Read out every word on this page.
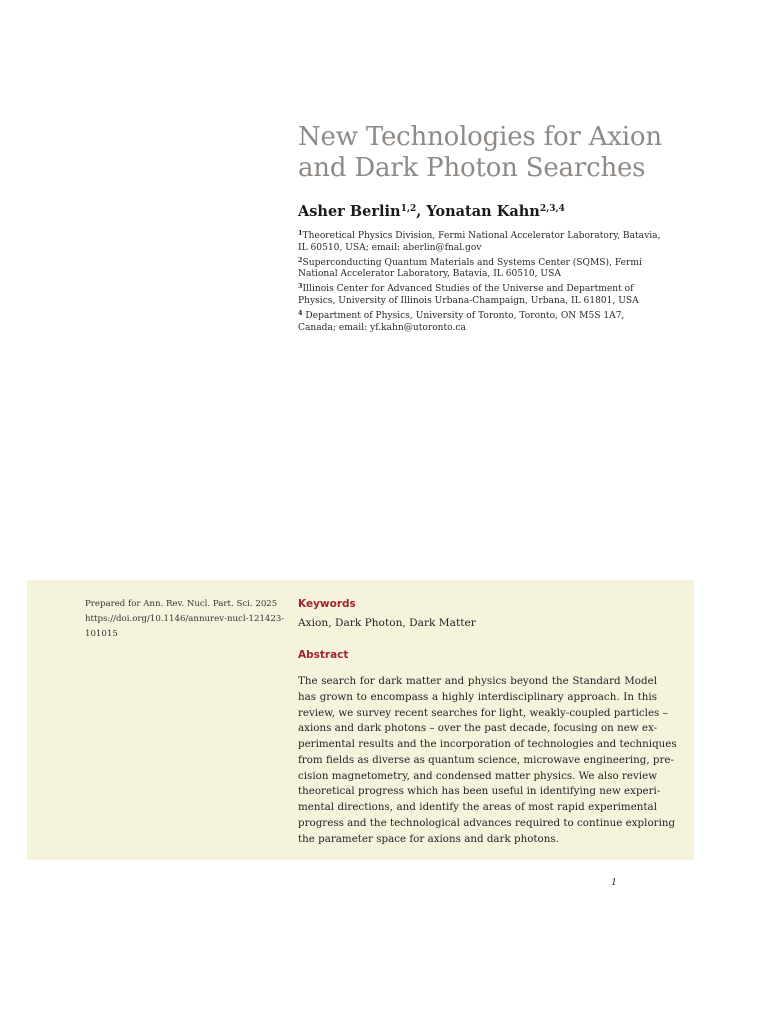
New Technologies for Axion
and Dark Photon Searches
Asher Berlin$^{1,2}$, Yonatan Kahn$^{2,3,4}$

$^1$Theoretical Physics Division, Fermi National Accelerator Laboratory, Batavia, IL 60510, USA; email: aberlin@fnal.gov

$^2$Superconducting Quantum Materials and Systems Center (SQMS), Fermi National Accelerator Laboratory, Batavia, IL 60510, USA

$^3$Illinois Center for Advanced Studies of the Universe and Department of Physics, University of Illinois Urbana-Champaign, Urbana, IL 61801, USA

$^4$ Department of Physics, University of Toronto, Toronto, ON M5S 1A7, Canada; email: yf.kahn@utoronto.ca

Prepared for Ann. Rev. Nucl. Part. Sci. 2025
https://doi.org/10.1146/annurev-nucl-121423-
101015
Keywords
Axion, Dark Photon, Dark Matter
Abstract
The search for dark matter and physics beyond the Standard Model
has grown to encompass a highly interdisciplinary approach. In this
review, we survey recent searches for light, weakly-coupled particles –
axions and dark photons – over the past decade, focusing on new ex-
perimental results and the incorporation of technologies and techniques
from fields as diverse as quantum science, microwave engineering, pre-
cision magnetometry, and condensed matter physics. We also review
theoretical progress which has been useful in identifying new experi-
mental directions, and identify the areas of most rapid experimental
progress and the technological advances required to continue exploring
the parameter space for axions and dark photons.
1
